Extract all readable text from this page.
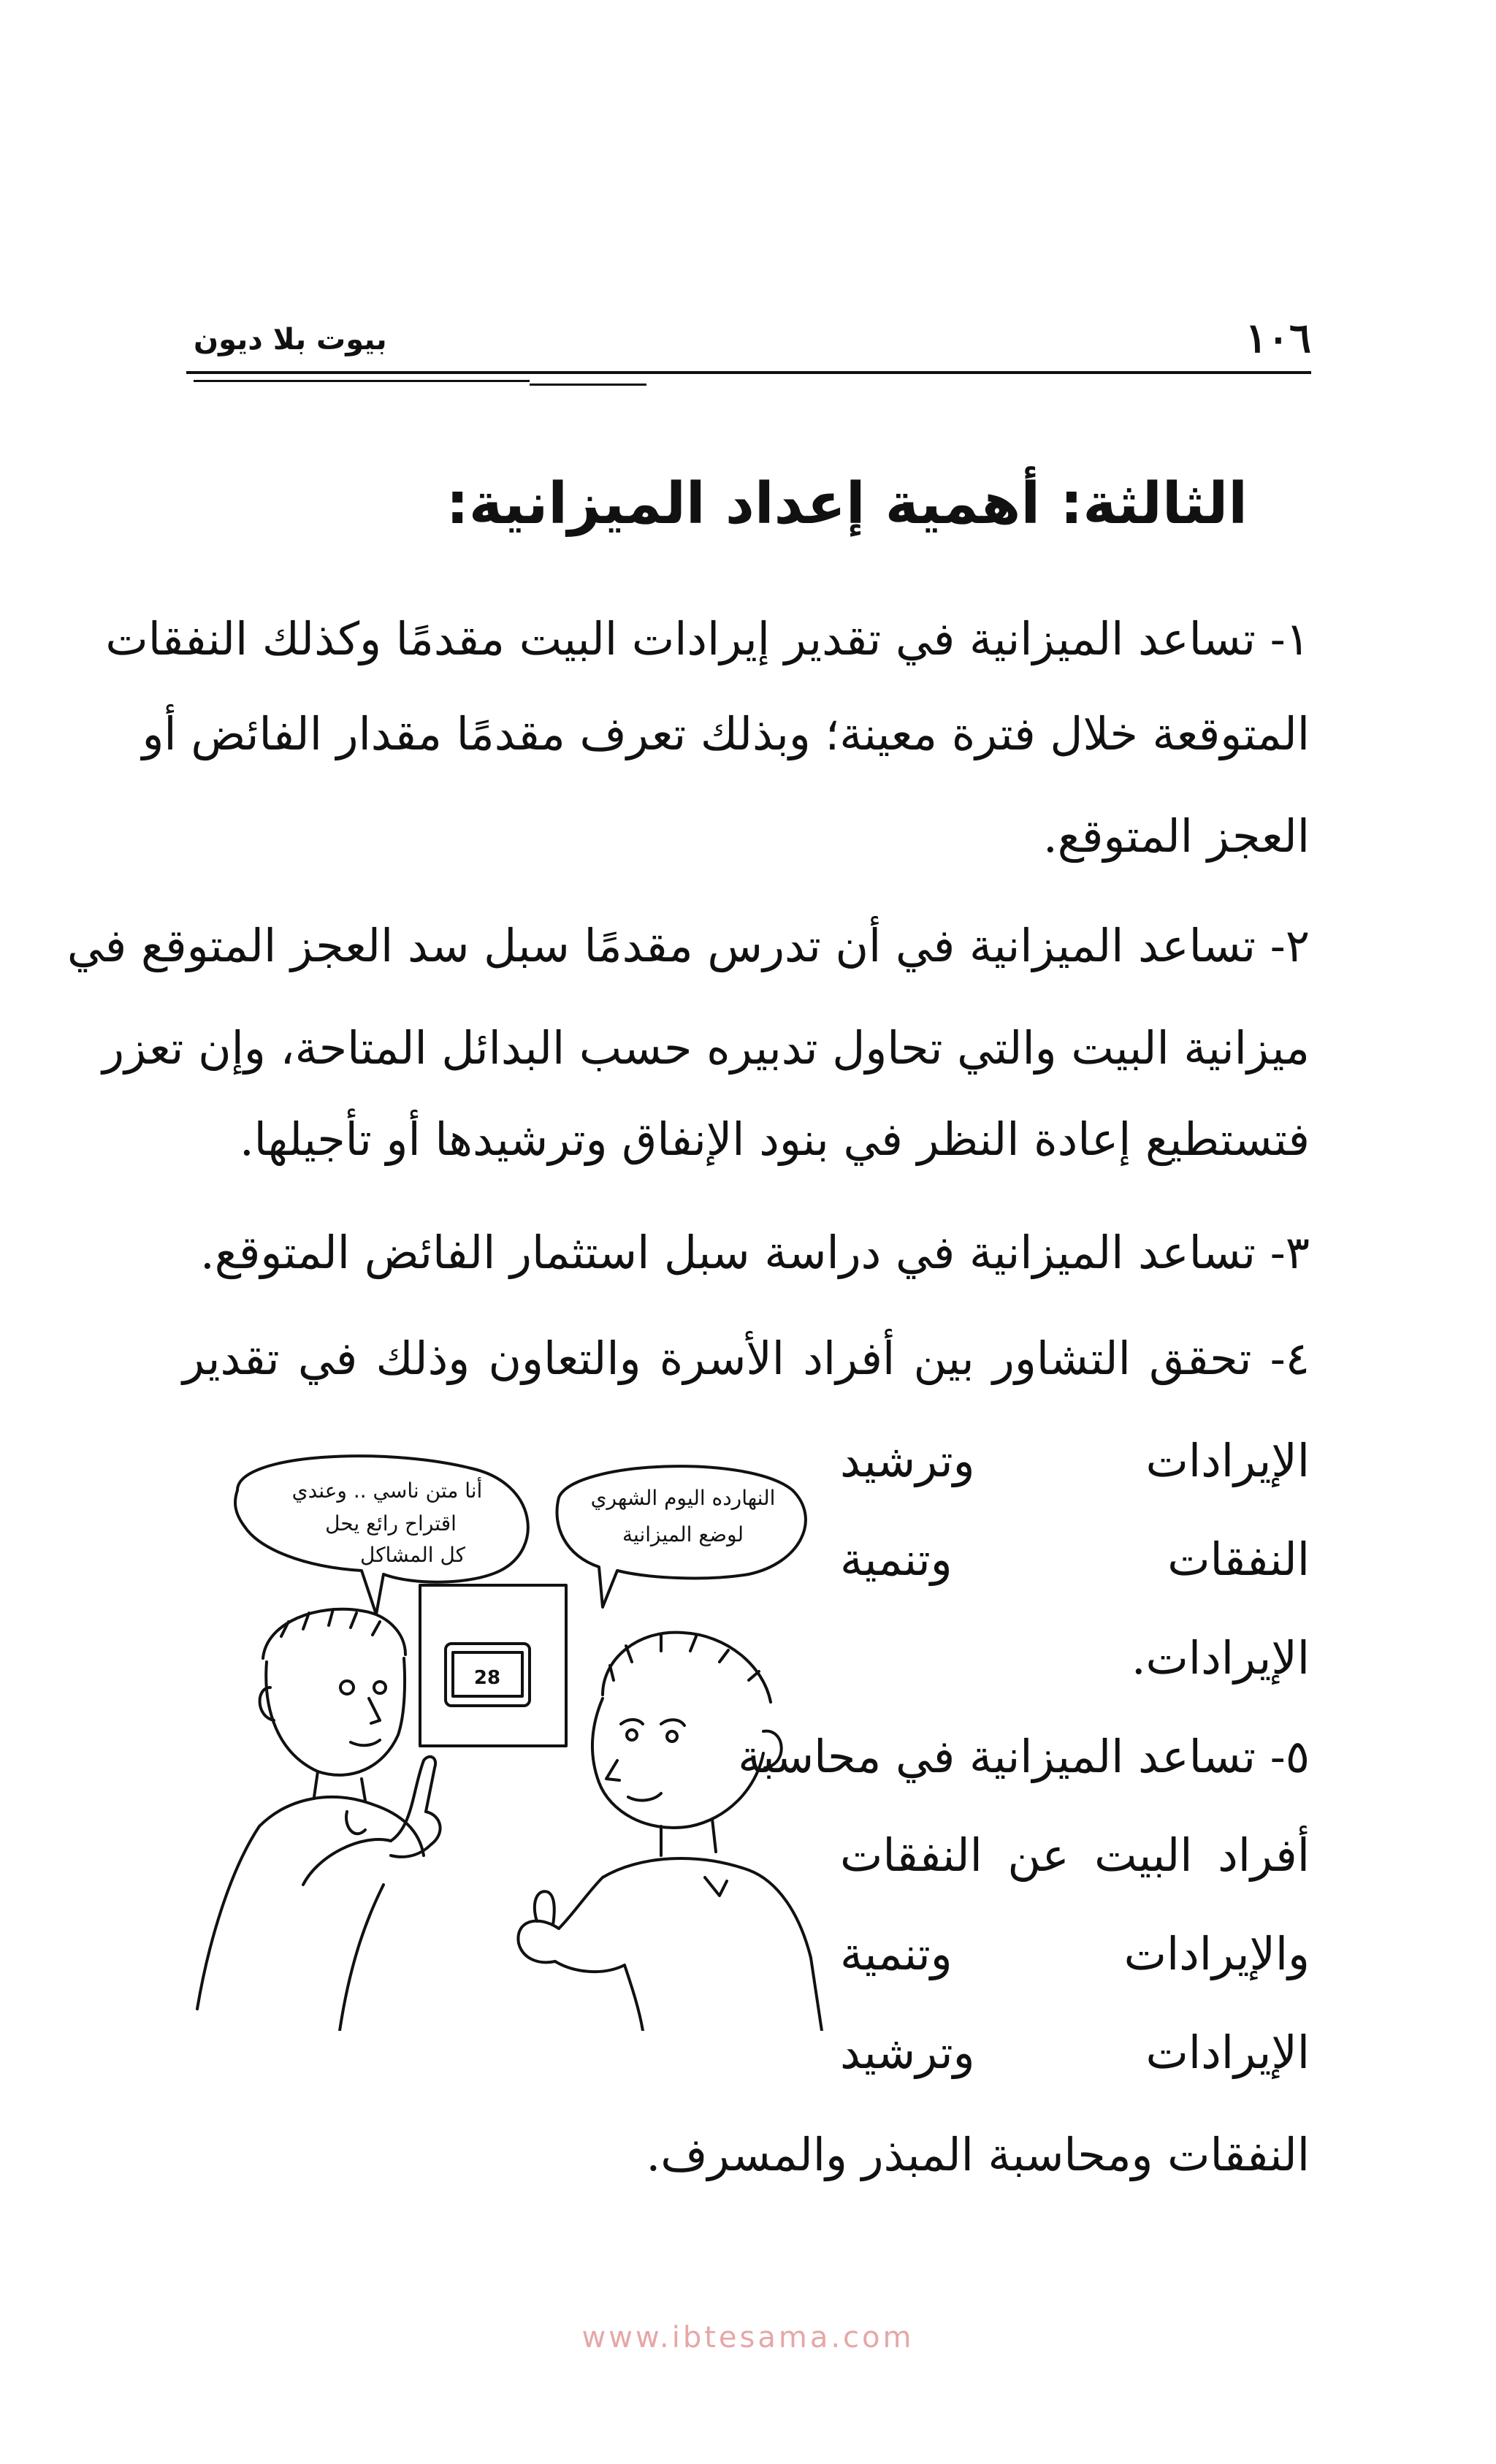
١٠٦
بيوت بلا ديون
الثالثة: أهمية إعداد الميزانية:
١- تساعد الميزانية في تقدير إيرادات البيت مقدمًا وكذلك النفقات
المتوقعة خلال فترة معينة؛ وبذلك تعرف مقدمًا مقدار الفائض أو
العجز المتوقع.
٢- تساعد الميزانية في أن تدرس مقدمًا سبل سد العجز المتوقع في
ميزانية البيت والتي تحاول تدبيره حسب البدائل المتاحة، وإن تعزر
فتستطيع إعادة النظر في بنود الإنفاق وترشيدها أو تأجيلها.
٣- تساعد الميزانية في دراسة سبل استثمار الفائض المتوقع.
٤- تحقق التشاور بين أفراد الأسرة والتعاون وذلك في تقدير
الإيرادات وترشيد
النفقات وتنمية
الإيرادات.
٥- تساعد الميزانية في محاسبة
أفراد البيت عن النفقات
والإيرادات وتنمية
الإيرادات وترشيد
النفقات ومحاسبة المبذر والمسرف.
أنا متن ناسي .. وعندي
اقتراح رائع يحل
كل المشاكل
النهارده اليوم الشهري
لوضع الميزانية
28
www.ibtesama.com
